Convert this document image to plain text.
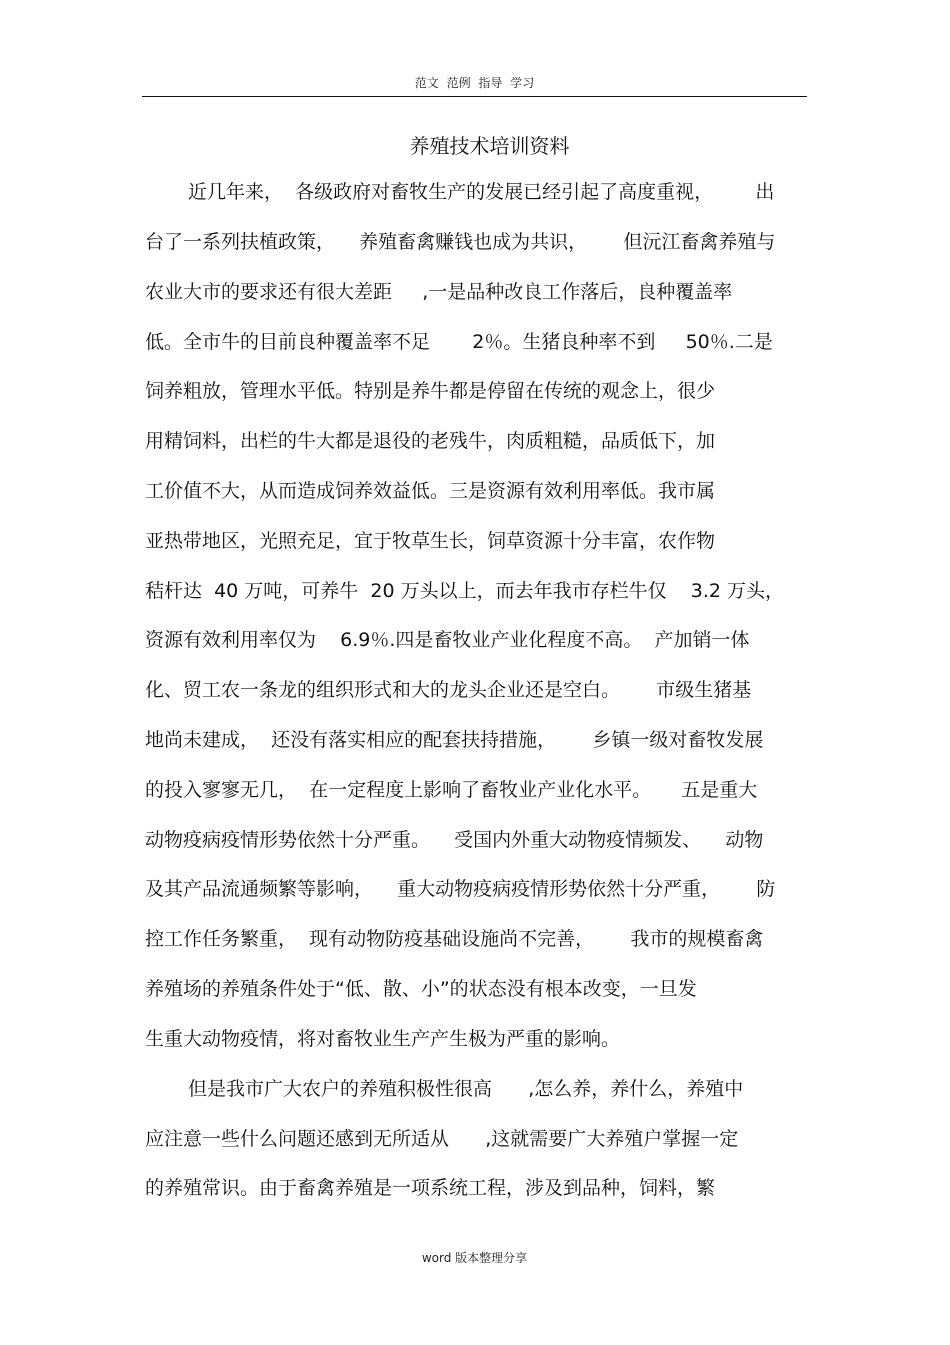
范文 范例 指导 学习
养殖技术培训资料
近几年来，  各级政府对畜牧生产的发展已经引起了高度重视，       出
台了一系列扶植政策，    养殖畜禽赚钱也成为共识，      但沅江畜禽养殖与
农业大市的要求还有很大差距     ,一是品种改良工作落后，良种覆盖率
低。全市牛的目前良种覆盖率不足       2％。生猪良种率不到     50％.二是
饲养粗放，管理水平低。特别是养牛都是停留在传统的观念上，很少
用精饲料，出栏的牛大都是退役的老残牛，肉质粗糙，品质低下，加
工价值不大，从而造成饲养效益低。三是资源有效利用率低。我市属
亚热带地区，光照充足，宜于牧草生长，饲草资源十分丰富，农作物
秸杆达  40 万吨，可养牛  20 万头以上，而去年我市存栏牛仅    3.2 万头，
资源有效利用率仅为    6.9％.四是畜牧业产业化程度不高。  产加销一体
化、贸工农一条龙的组织形式和大的龙头企业还是空白。      市级生猪基
地尚未建成，  还没有落实相应的配套扶持措施，      乡镇一级对畜牧发展
的投入寥寥无几，  在一定程度上影响了畜牧业产业化水平。     五是重大
动物疫病疫情形势依然十分严重。    受国内外重大动物疫情频发、    动物
及其产品流通频繁等影响，    重大动物疫病疫情形势依然十分严重，      防
控工作任务繁重，  现有动物防疫基础设施尚不完善，      我市的规模畜禽
养殖场的养殖条件处于“低、散、小”的状态没有根本改变，一旦发
生重大动物疫情，将对畜牧业生产产生极为严重的影响。
但是我市广大农户的养殖积极性很高      ,怎么养，养什么，养殖中
应注意一些什么问题还感到无所适从      ,这就需要广大养殖户掌握一定
的养殖常识。由于畜禽养殖是一项系统工程，涉及到品种，饲料，繁
word 版本整理分享
